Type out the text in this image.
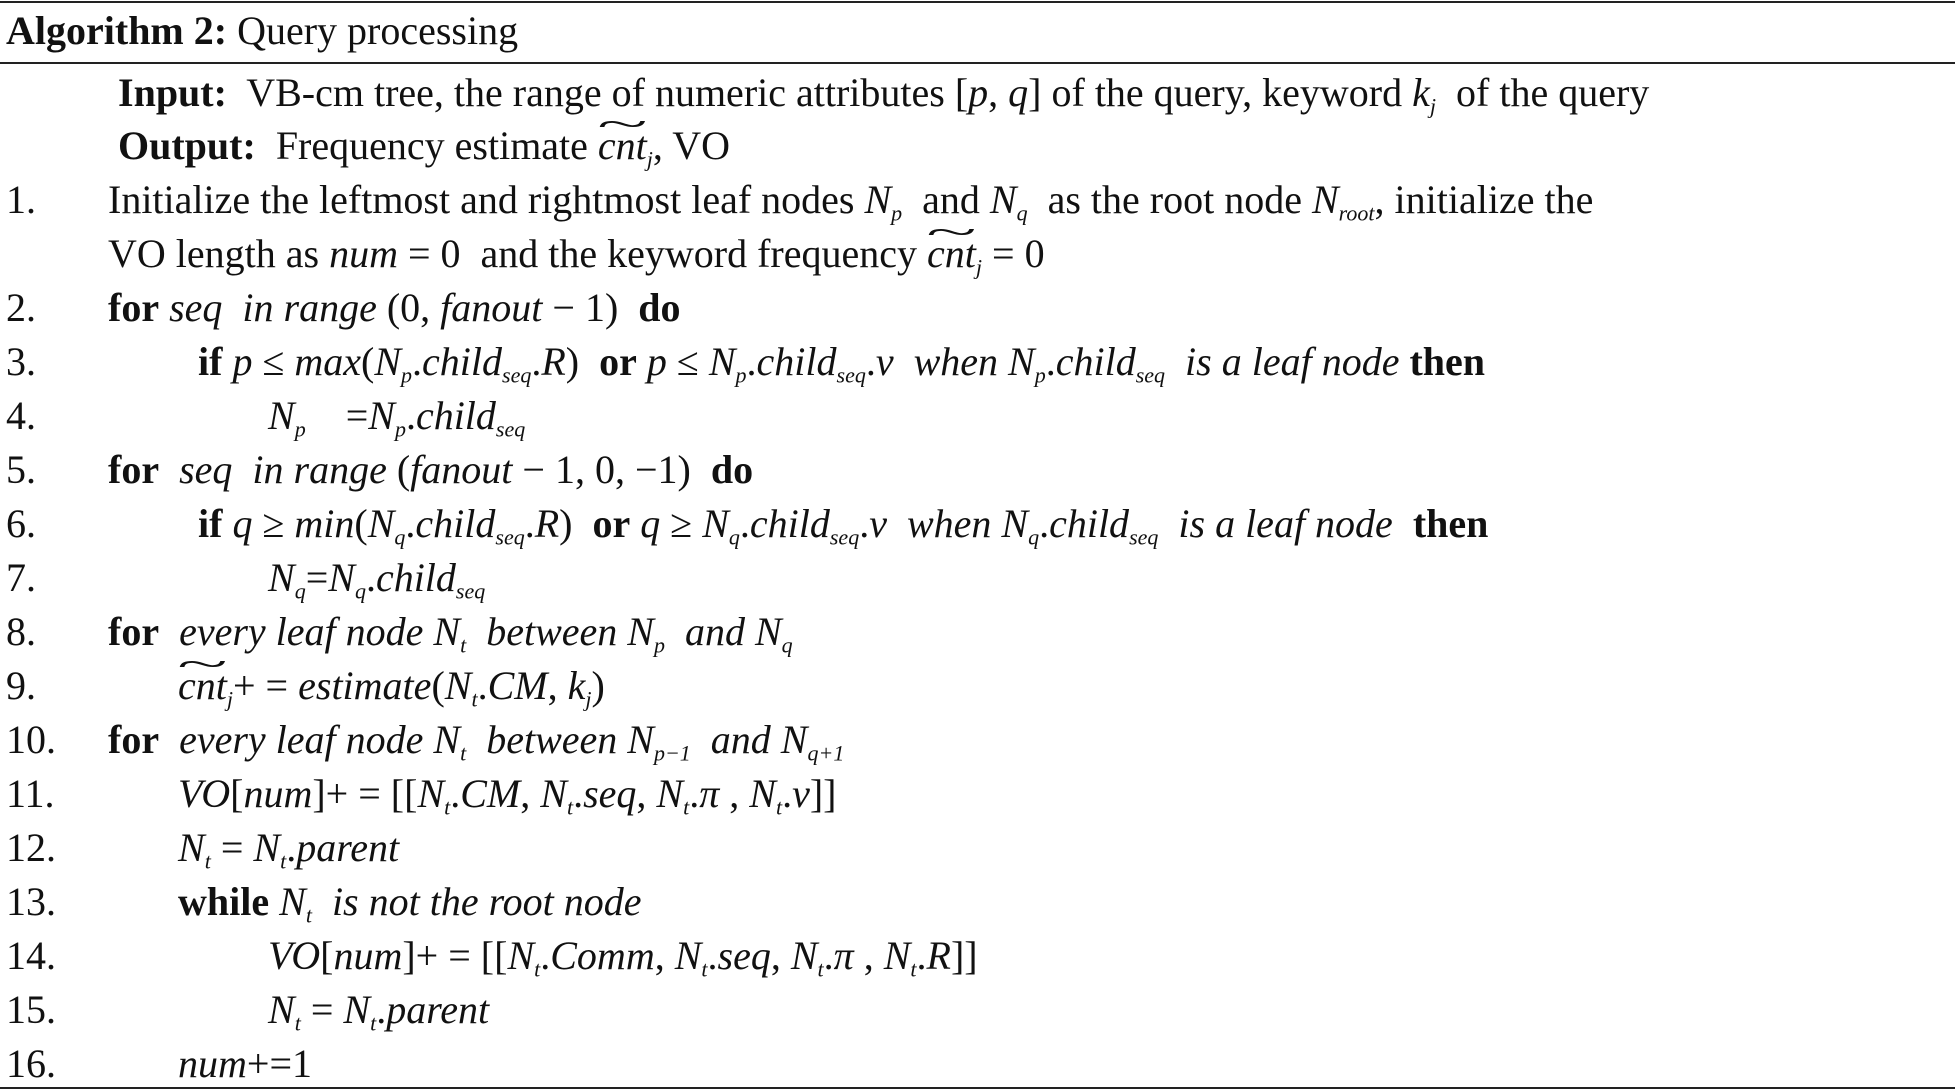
Algorithm 2: Query processing
Input: VB-cm tree, the range of numeric attributes [p, q] of the query, keyword $k_j$  of the query
Output: Frequency estimate ~ cnt$_j$, VO
1.
2.
3.
4.
5.
6.
7.
8.
9.
10.
11.
12.
13.
14.
15.
16.
Initialize the leftmost and rightmost leaf nodes $N_p$  and $N_q$  as the root node $N_{root}$, initialize the
VO length as num = 0  and the keyword frequency ~ cnt$_j$ = 0
for seq  in range (0, fanout − 1)  do
if $p \le \max(N_p.child_{seq}.R)$  or $p \le N_p.child_{seq}.v$  when $N_p.child_{seq}$ is a leaf node then
$N_p$    $=N_p.child_{seq}$
for seq  in range (fanout − 1, 0, −1)  do
if $q \ge \min(N_q.child_{seq}.R)$  or $q \ge N_q.child_{seq}.v$  when $N_q.child_{seq}$ is a leaf node then
$N_q=N_q.child_{seq}$
for every leaf node $N_t$ between $N_p$ and $N_q$
~ $cnt_j+ = estimate(N_t.CM$, $k_j$)
for every leaf node $N_t$ between $N_{p-1}$ and $N_{q+1}$
$VO[num]+ = [[N_t.CM$, $N_t.seq$, $N_t.\pi$ , $N_t.v$]]
$N_t$ = $N_t.parent$
while $N_t$ is not the root node
$VO[num]+ = [[N_t.Comm$, $N_t.seq$, $N_t.\pi$ , $N_t.R$]]
$N_t$ = $N_t.parent$
num+=1
